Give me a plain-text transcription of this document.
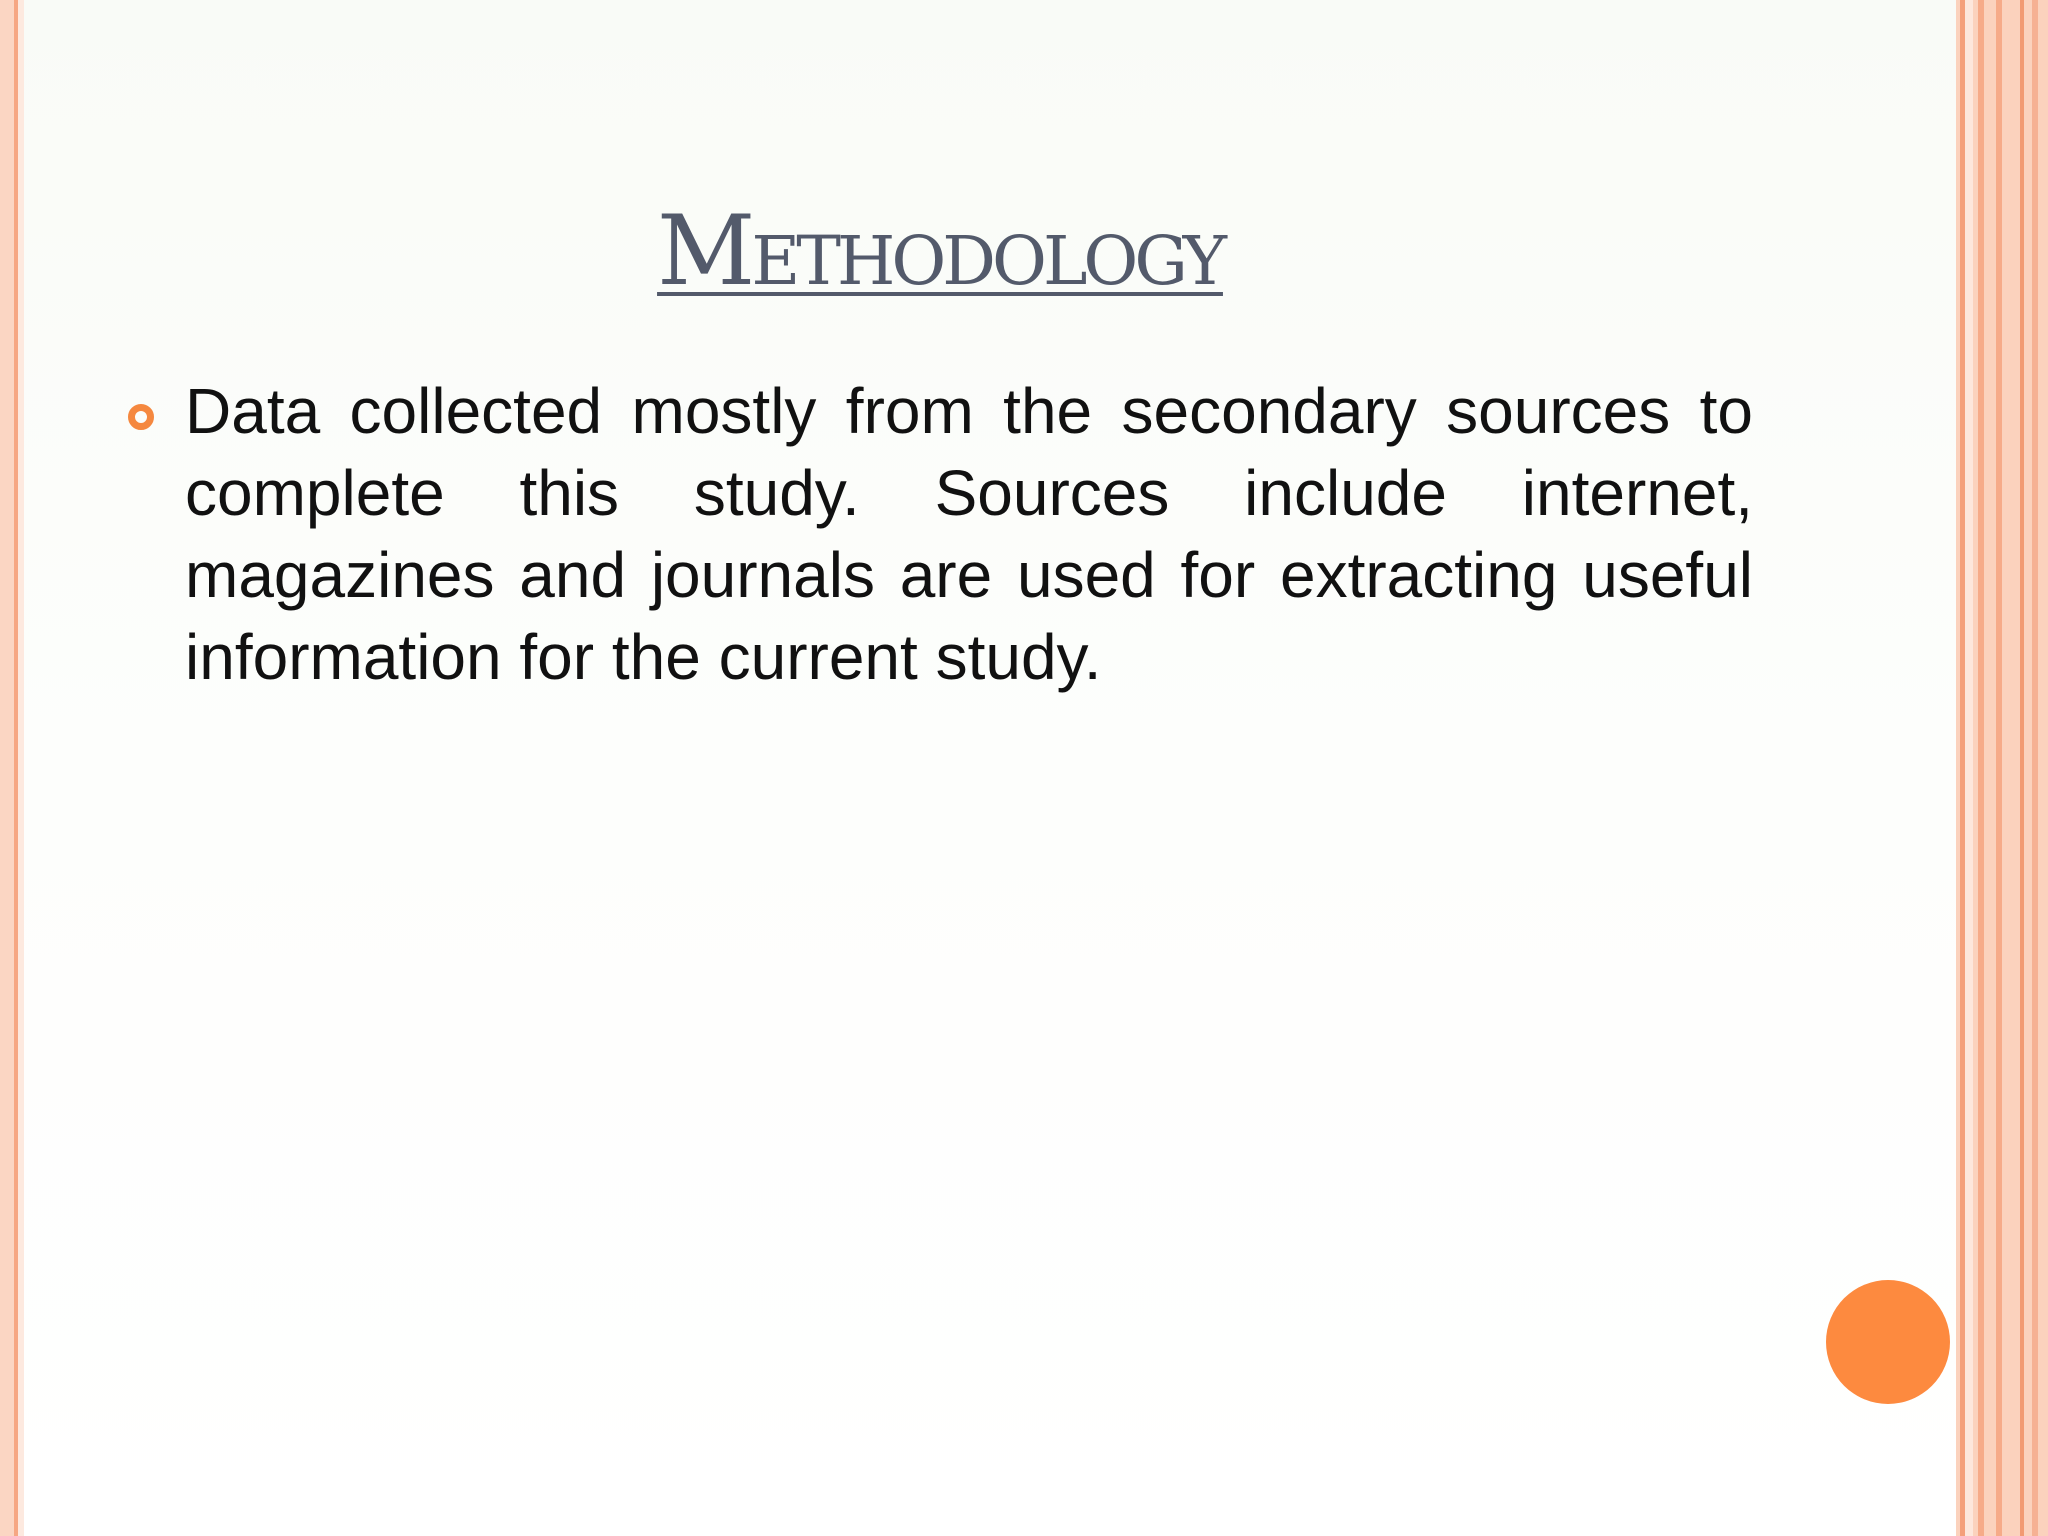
Methodology
Data collected mostly from the secondary sources to complete this study. Sources include internet, magazines and journals are used for extracting useful information for the current study.
